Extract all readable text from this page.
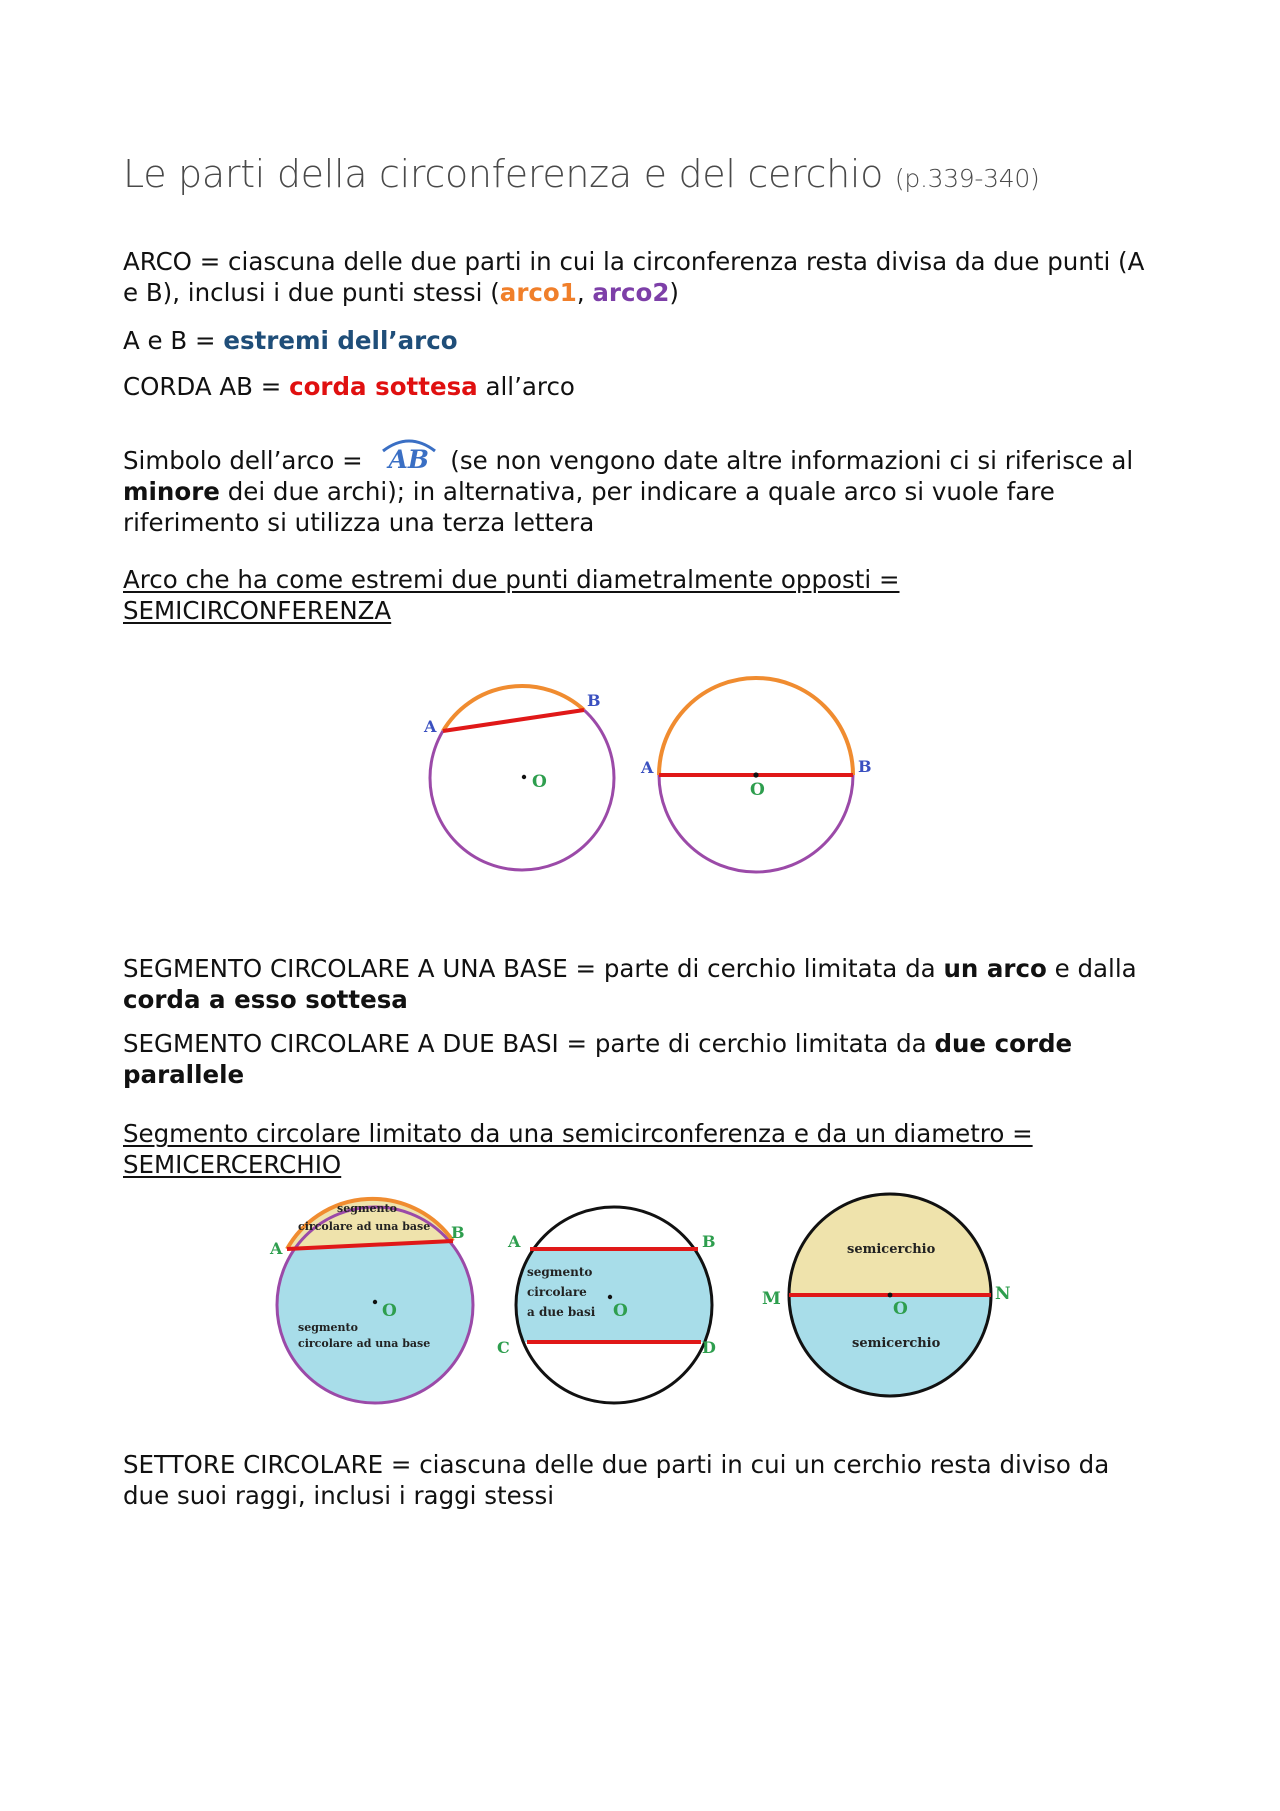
Le parti della circonferenza e del cerchio (p.339-340)

ARCO = ciascuna delle due parti in cui la circonferenza resta divisa da due punti (A e B), inclusi i due punti stessi (arco1, arco2)

A e B = estremi dell’arco

CORDA AB = corda sottesa all’arco

Simbolo dell’arco = AB (se non vengono date altre informazioni ci si riferisce al minore dei due archi); in alternativa, per indicare a quale arco si vuole fare riferimento si utilizza una terza lettera

Arco che ha come estremi due punti diametralmente opposti =
SEMICIRCONFERENZA

O
A
B
O
A	B

SEGMENTO CIRCOLARE A UNA BASE = parte di cerchio limitata da un arco e dalla corda a esso sottesa

SEGMENTO CIRCOLARE A DUE BASI = parte di cerchio limitata da due corde parallele

Segmento circolare limitato da una semicirconferenza e da un diametro =
SEMICERCERCHIO

O
A
B
segmento
circolare ad una base
segmento
circolare ad una base
O
A	B
C	D
segmento
circolare
a due basi	O
M	N
semicerchio
semicerchio

SETTORE CIRCOLARE = ciascuna delle due parti in cui un cerchio resta diviso da due suoi raggi, inclusi i raggi stessi
